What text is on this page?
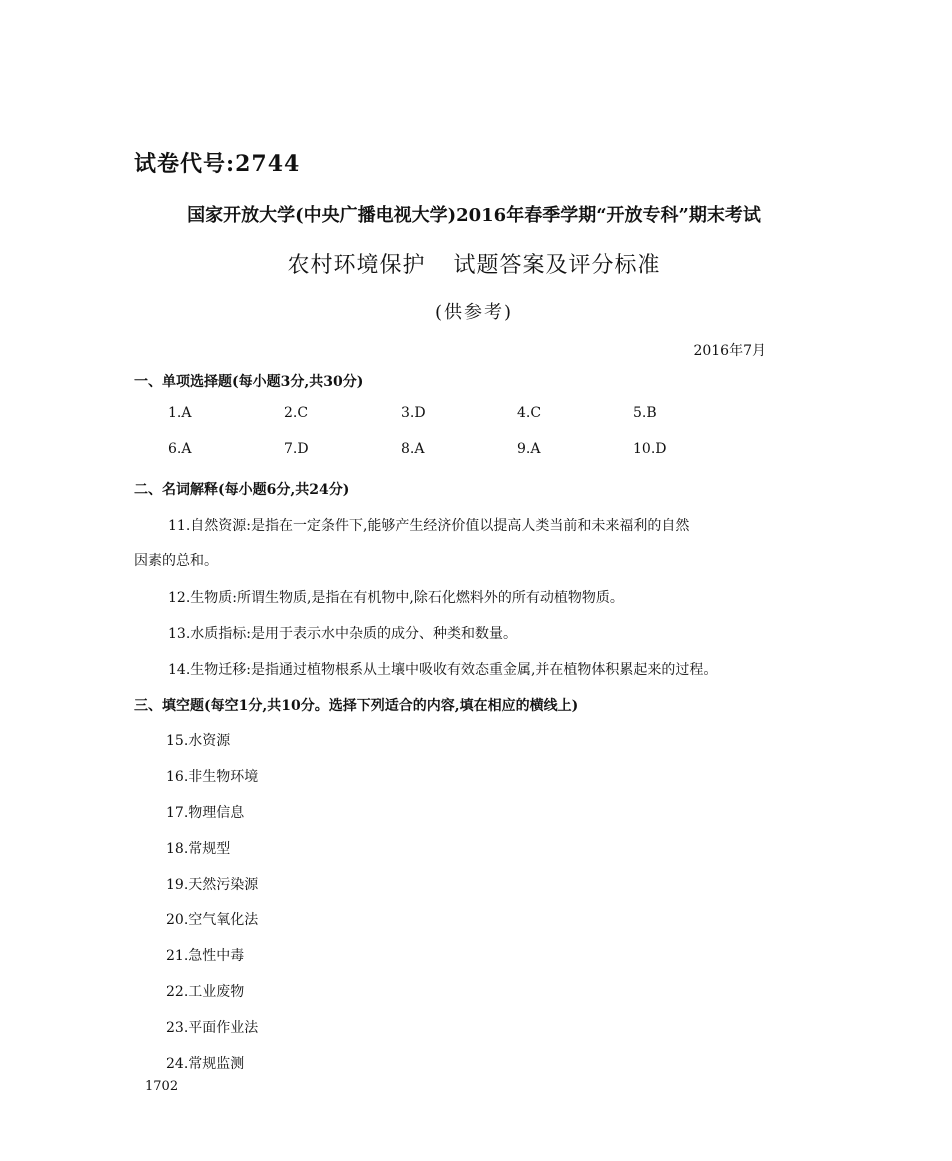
试卷代号:2744
国家开放大学(中央广播电视大学)2016年春季学期“开放专科”期末考试
农村环境保护 试题答案及评分标准
(供参考)
2016年7月
一、单项选择题(每小题3分,共30分)
1.A	2.C	3.D	4.C	5.B
6.A	7.D	8.A	9.A	10.D
二、名词解释(每小题6分,共24分)
11.自然资源:是指在一定条件下,能够产生经济价值以提高人类当前和未来福利的自然
因素的总和。
12.生物质:所谓生物质,是指在有机物中,除石化燃料外的所有动植物物质。
13.水质指标:是用于表示水中杂质的成分、种类和数量。
14.生物迁移:是指通过植物根系从土壤中吸收有效态重金属,并在植物体积累起来的过程。
三、填空题(每空1分,共10分。选择下列适合的内容,填在相应的横线上)
15.水资源
16.非生物环境
17.物理信息
18.常规型
19.天然污染源
20.空气氧化法
21.急性中毒
22.工业废物
23.平面作业法
24.常规监测
1702
